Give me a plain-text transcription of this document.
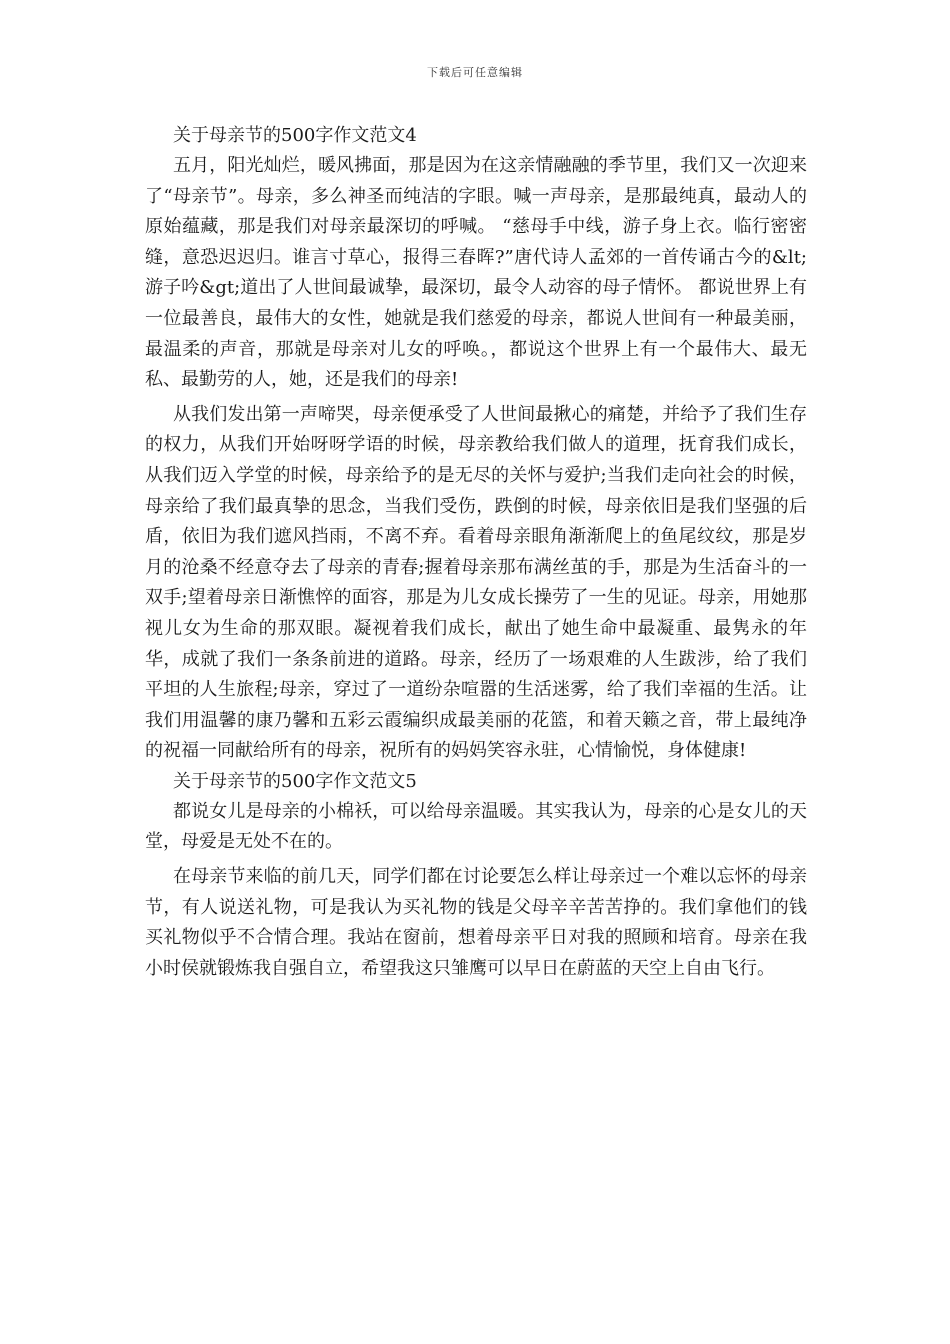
下载后可任意编辑
关于母亲节的500字作文范文4

五月，阳光灿烂，暖风拂面，那是因为在这亲情融融的季节里，我们又一次迎来了“母亲节”。母亲，多么神圣而纯洁的字眼。喊一声母亲，是那最纯真，最动人的原始蕴藏，那是我们对母亲最深切的呼喊。 “慈母手中线，游子身上衣。临行密密缝，意恐迟迟归。谁言寸草心，报得三春晖?”唐代诗人孟郊的一首传诵古今的&lt;游子吟&gt;道出了人世间最诚挚，最深切，最令人动容的母子情怀。 都说世界上有一位最善良，最伟大的女性，她就是我们慈爱的母亲，都说人世间有一种最美丽，最温柔的声音，那就是母亲对儿女的呼唤。，都说这个世界上有一个最伟大、最无私、最勤劳的人，她，还是我们的母亲!

从我们发出第一声啼哭，母亲便承受了人世间最揪心的痛楚，并给予了我们生存的权力，从我们开始呀呀学语的时候，母亲教给我们做人的道理，抚育我们成长，从我们迈入学堂的时候，母亲给予的是无尽的关怀与爱护;当我们走向社会的时候，母亲给了我们最真挚的思念，当我们受伤，跌倒的时候，母亲依旧是我们坚强的后盾，依旧为我们遮风挡雨，不离不弃。看着母亲眼角渐渐爬上的鱼尾纹纹，那是岁月的沧桑不经意夺去了母亲的青春;握着母亲那布满丝茧的手，那是为生活奋斗的一双手;望着母亲日渐憔悴的面容，那是为儿女成长操劳了一生的见证。母亲，用她那视儿女为生命的那双眼。凝视着我们成长，献出了她生命中最凝重、最隽永的年华，成就了我们一条条前进的道路。母亲，经历了一场艰难的人生跋涉，给了我们平坦的人生旅程;母亲，穿过了一道纷杂喧嚣的生活迷雾，给了我们幸福的生活。让我们用温馨的康乃馨和五彩云霞编织成最美丽的花篮，和着天籁之音，带上最纯净的祝福一同献给所有的母亲，祝所有的妈妈笑容永驻，心情愉悦，身体健康!

关于母亲节的500字作文范文5

都说女儿是母亲的小棉袄，可以给母亲温暖。其实我认为，母亲的心是女儿的天堂，母爱是无处不在的。

在母亲节来临的前几天，同学们都在讨论要怎么样让母亲过一个难以忘怀的母亲节，有人说送礼物，可是我认为买礼物的钱是父母辛辛苦苦挣的。我们拿他们的钱买礼物似乎不合情合理。我站在窗前，想着母亲平日对我的照顾和培育。母亲在我小时侯就锻炼我自强自立，希望我这只雏鹰可以早日在蔚蓝的天空上自由飞行。
